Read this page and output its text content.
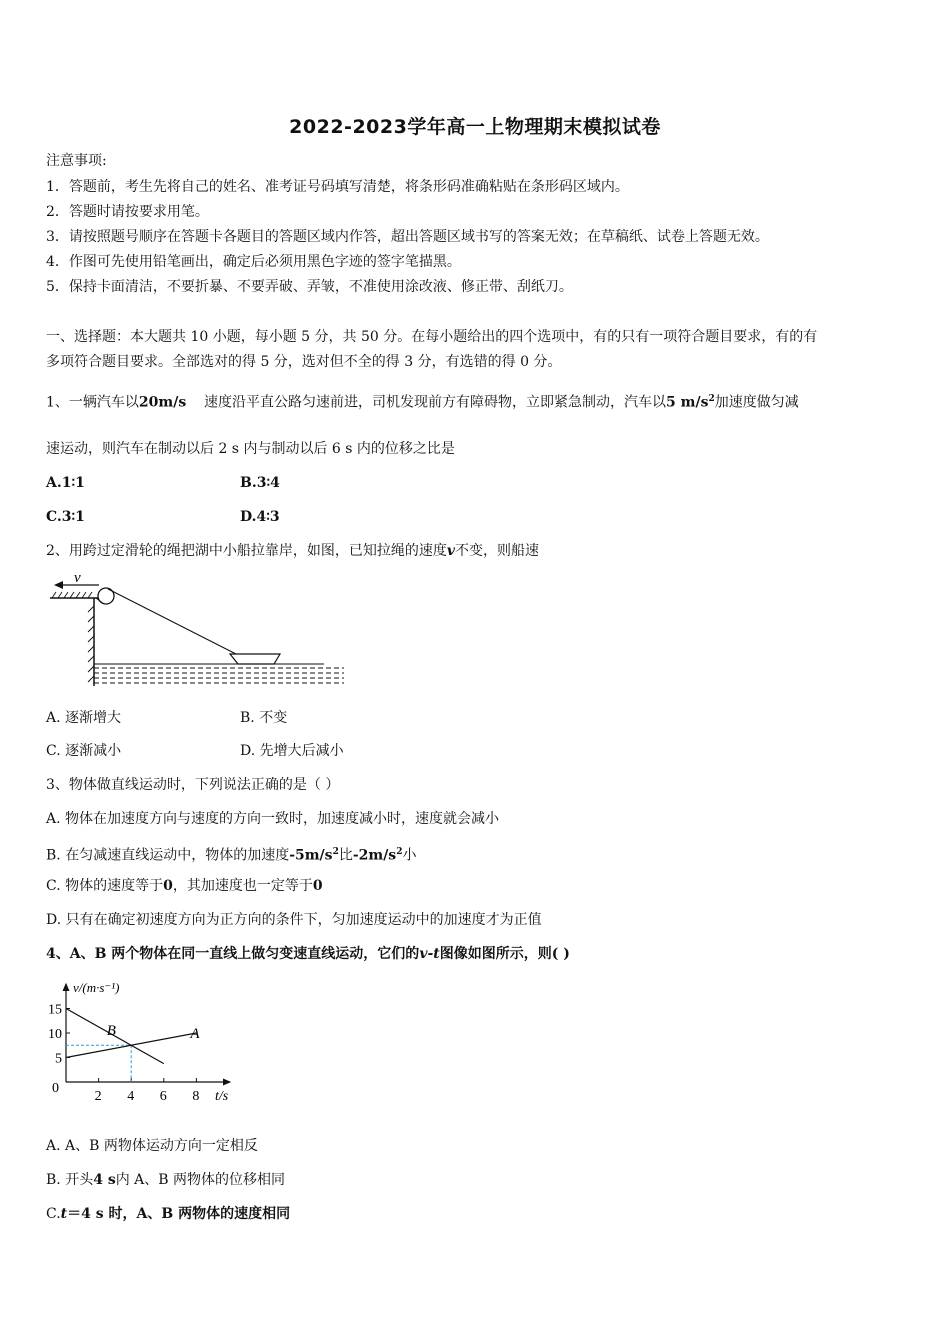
2022-2023学年高一上物理期末模拟试卷
注意事项:
1．答题前，考生先将自己的姓名、准考证号码填写清楚，将条形码准确粘贴在条形码区域内。
2．答题时请按要求用笔。
3．请按照题号顺序在答题卡各题目的答题区域内作答，超出答题区域书写的答案无效；在草稿纸、试卷上答题无效。
4．作图可先使用铅笔画出，确定后必须用黑色字迹的签字笔描黑。
5．保持卡面清洁，不要折暴、不要弄破、弄皱，不准使用涂改液、修正带、刮纸刀。
一、选择题：本大题共 10 小题，每小题 5 分，共 50 分。在每小题给出的四个选项中，有的只有一项符合题目要求，有的有
多项符合题目要求。全部选对的得 5 分，选对但不全的得 3 分，有选错的得 0 分。
1、一辆汽车以20m/s 速度沿平直公路匀速前进，司机发现前方有障碍物，立即紧急制动，汽车以5 $m/s^2$加速度做匀减
速运动，则汽车在制动以后 2 s 内与制动以后 6 s 内的位移之比是
A.1∶1	B.3∶4
C.3∶1	D.4∶3
2、用跨过定滑轮的绳把湖中小船拉靠岸，如图，已知拉绳的速度v不变，则船速
v
A. 逐渐增大	B. 不变
C. 逐渐减小	D. 先增大后减小
3、物体做直线运动时，下列说法正确的是（ ）
A. 物体在加速度方向与速度的方向一致时，加速度减小时，速度就会减小
B. 在匀减速直线运动中，物体的加速度$-5m/s^2$比$-2m/s^2$小
C. 物体的速度等于0，其加速度也一定等于0
D. 只有在确定初速度方向为正方向的条件下，匀加速度运动中的加速度才为正值
4、A、B 两个物体在同一直线上做匀变速直线运动，它们的v-t图像如图所示，则( )
v/(m·s⁻¹)
t/s
0
2 4 6 8
5
10
15
A
B
A. A、B 两物体运动方向一定相反
B. 开头4 s内 A、B 两物体的位移相同
C.t＝4 s 时，A、B 两物体的速度相同
